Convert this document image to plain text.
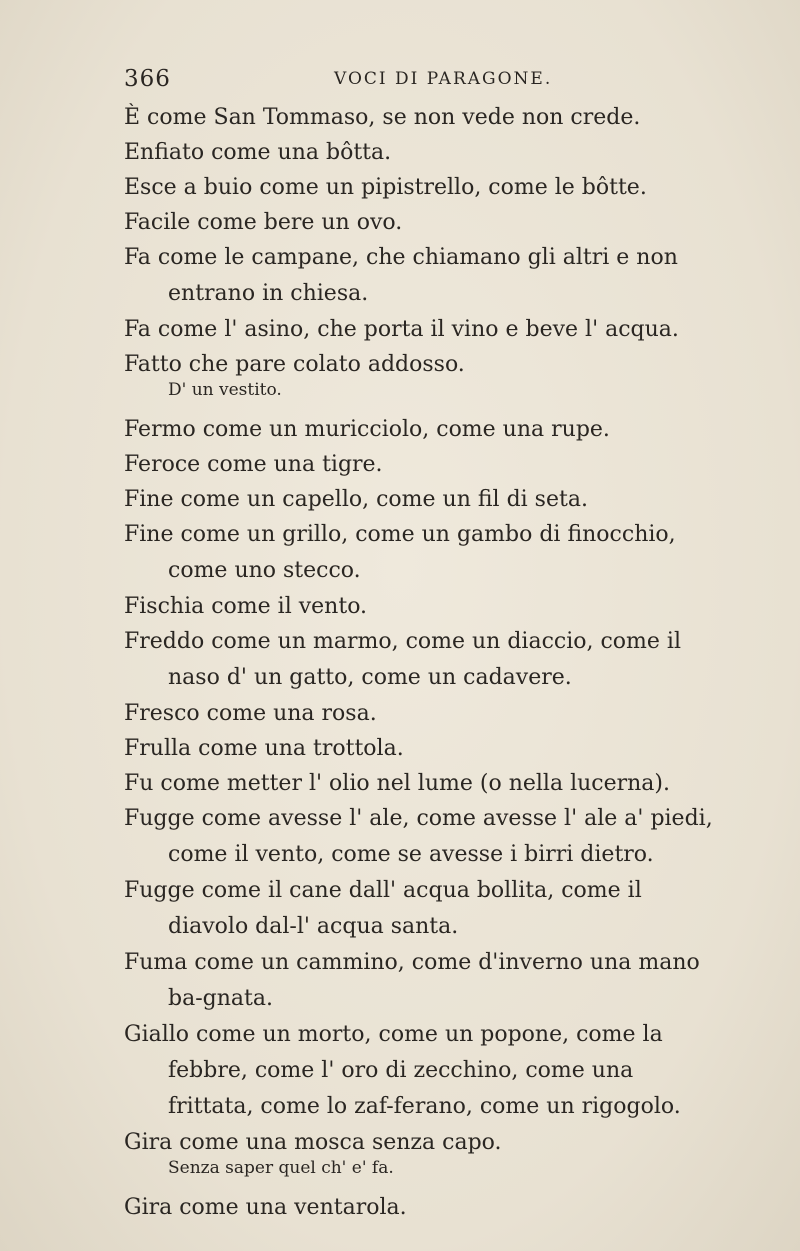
366	VOCI DI PARAGONE.

È come San Tommaso, se non vede non crede.

Enfiato come una bôtta.

Esce a buio come un pipistrello, come le bôtte.

Facile come bere un ovo.

Fa come le campane, che chiamano gli altri e non entrano in chiesa.

Fa come l' asino, che porta il vino e beve l' acqua.

Fatto che pare colato addosso.

D' un vestito.

Fermo come un muricciolo, come una rupe.

Feroce come una tigre.

Fine come un capello, come un fil di seta.

Fine come un grillo, come un gambo di finocchio, come uno stecco.

Fischia come il vento.

Freddo come un marmo, come un diaccio, come il naso d' un gatto, come un cadavere.

Fresco come una rosa.

Frulla come una trottola.

Fu come metter l' olio nel lume (o nella lucerna).

Fugge come avesse l' ale, come avesse l' ale a' piedi, come il vento, come se avesse i birri dietro.

Fugge come il cane dall' acqua bollita, come il diavolo dal-l' acqua santa.

Fuma come un cammino, come d'inverno una mano ba-gnata.

Giallo come un morto, come un popone, come la febbre, come l' oro di zecchino, come una frittata, come lo zaf-ferano, come un rigogolo.

Gira come una mosca senza capo.

Senza saper quel ch' e' fa.

Gira come una ventarola.
